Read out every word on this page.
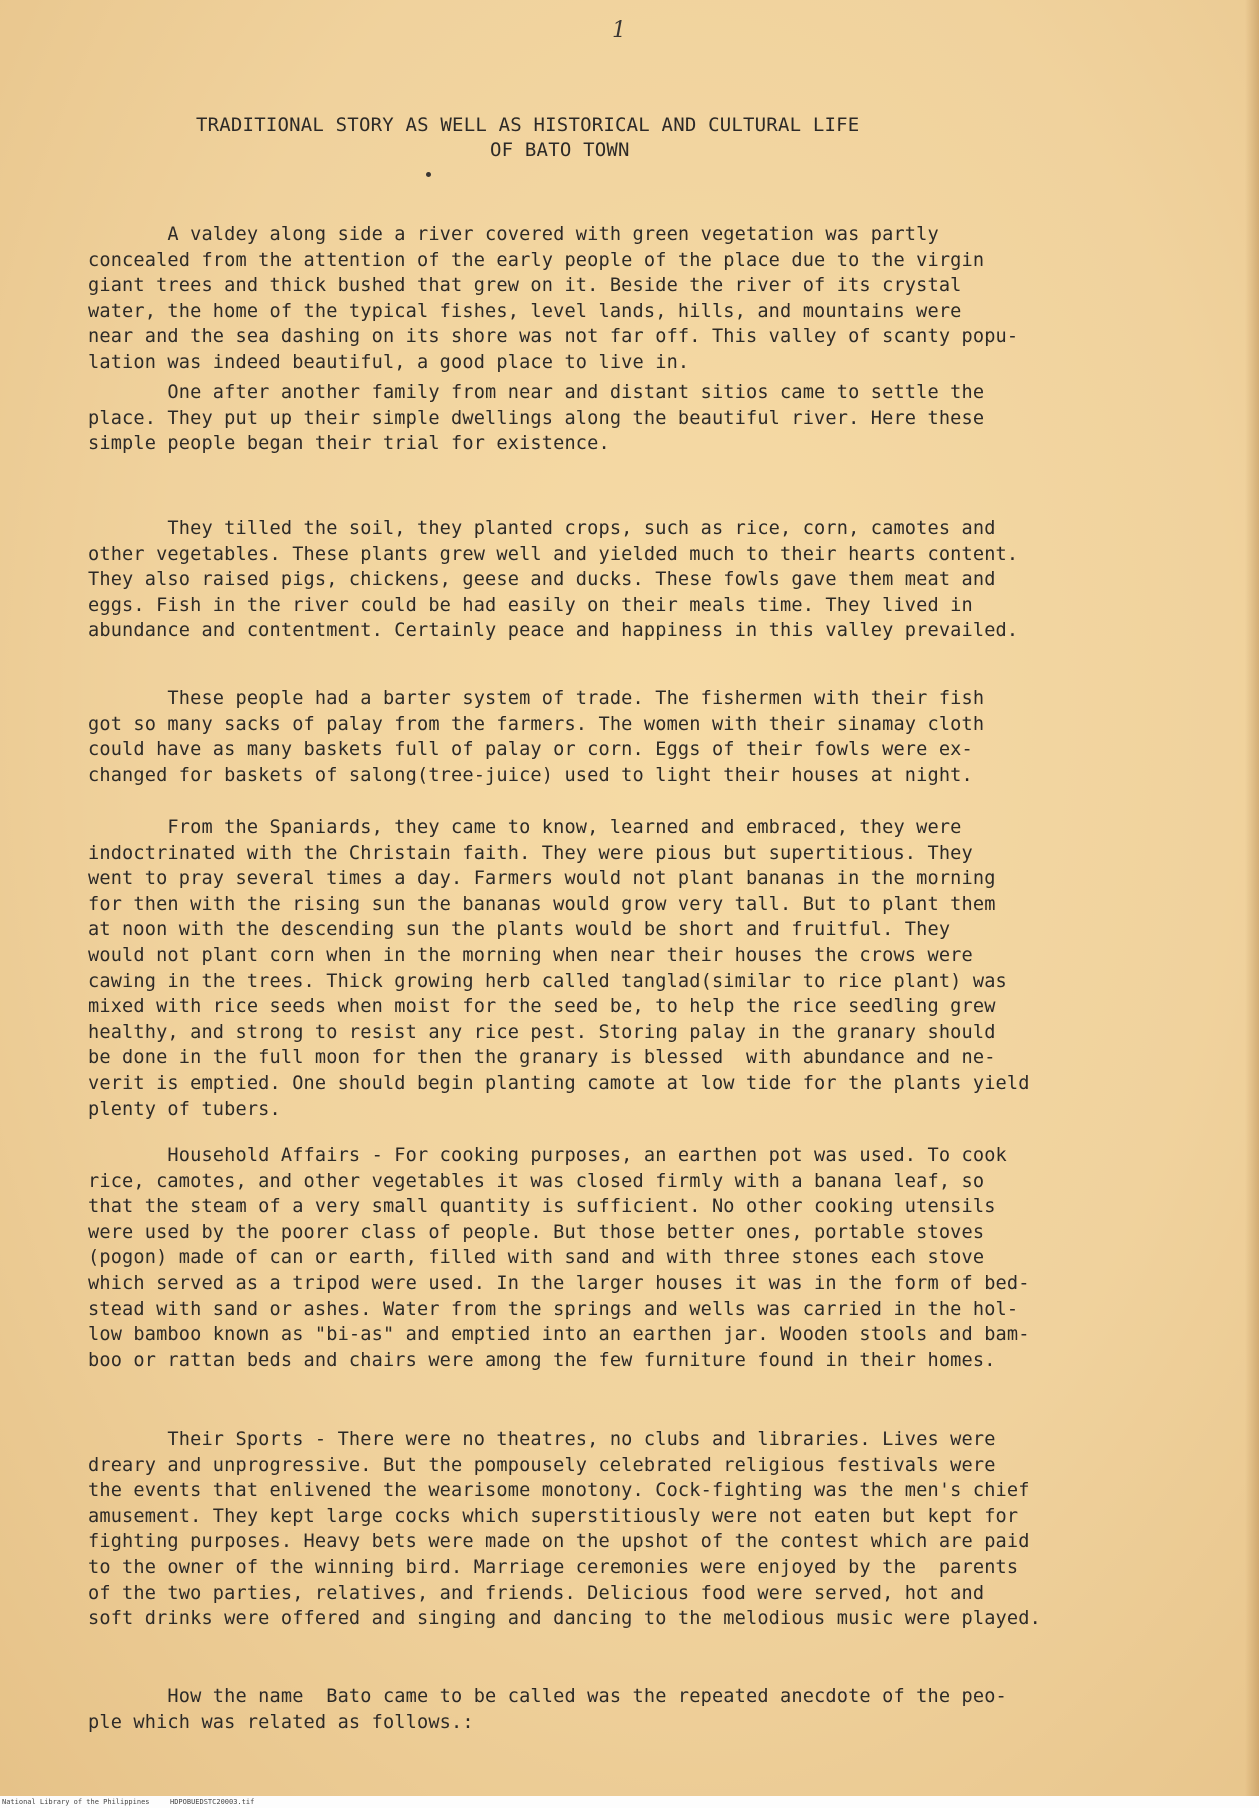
1
TRADITIONAL STORY AS WELL AS HISTORICAL AND CULTURAL LIFE
OF BATO TOWN
A valdey along side a river covered with green vegetation was partly
concealed from the attention of the early people of the place due to the virgin
giant trees and thick bushed that grew on it. Beside the river of its crystal
water, the home of the typical fishes, level lands, hills, and mountains were
near and the sea dashing on its shore was not far off. This valley of scanty popu-
lation was indeed beautiful, a good place to live in.
One after another family from near and distant sitios came to settle the
place. They put up their simple dwellings along the beautiful river. Here these
simple people began their trial for existence.
They tilled the soil, they planted crops, such as rice, corn, camotes and
other vegetables. These plants grew well and yielded much to their hearts content.
They also raised pigs, chickens, geese and ducks. These fowls gave them meat and
eggs. Fish in the river could be had easily on their meals time. They lived in
abundance and contentment. Certainly peace and happiness in this valley prevailed.
These people had a barter system of trade. The fishermen with their fish
got so many sacks of palay from the farmers. The women with their sinamay cloth
could have as many baskets full of palay or corn. Eggs of their fowls were ex-
changed for baskets of salong(tree-juice) used to light their houses at night.
From the Spaniards, they came to know, learned and embraced, they were
indoctrinated with the Christain faith. They were pious but supertitious. They
went to pray several times a day. Farmers would not plant bananas in the morning
for then with the rising sun the bananas would grow very tall. But to plant them
at noon with the descending sun the plants would be short and fruitful. They
would not plant corn when in the morning when near their houses the crows were
cawing in the trees. Thick growing herb called tanglad(similar to rice plant) was
mixed with rice seeds when moist for the seed be, to help the rice seedling grew
healthy, and strong to resist any rice pest. Storing palay in the granary should
be done in the full moon for then the granary is blessed  with abundance and ne-
verit is emptied. One should begin planting camote at low tide for the plants yield
plenty of tubers.
Household Affairs - For cooking purposes, an earthen pot was used. To cook
rice, camotes, and other vegetables it was closed firmly with a banana leaf, so
that the steam of a very small quantity is sufficient. No other cooking utensils
were used by the poorer class of people. But those better ones, portable stoves
(pogon) made of can or earth, filled with sand and with three stones each stove
which served as a tripod were used. In the larger houses it was in the form of bed-
stead with sand or ashes. Water from the springs and wells was carried in the hol-
low bamboo known as "bi-as" and emptied into an earthen jar. Wooden stools and bam-
boo or rattan beds and chairs were among the few furniture found in their homes.
Their Sports - There were no theatres, no clubs and libraries. Lives were
dreary and unprogressive. But the pompousely celebrated religious festivals were
the events that enlivened the wearisome monotony. Cock-fighting was the men's chief
amusement. They kept large cocks which superstitiously were not eaten but kept for
fighting purposes. Heavy bets were made on the upshot of the contest which are paid
to the owner of the winning bird. Marriage ceremonies were enjoyed by the  parents
of the two parties, relatives, and friends. Delicious food were served, hot and
soft drinks were offered and singing and dancing to the melodious music were played.
How the name  Bato came to be called was the repeated anecdote of the peo-
ple which was related as follows.:
National Library of the Philippines	HDPOBUEDSTC20003.tif
